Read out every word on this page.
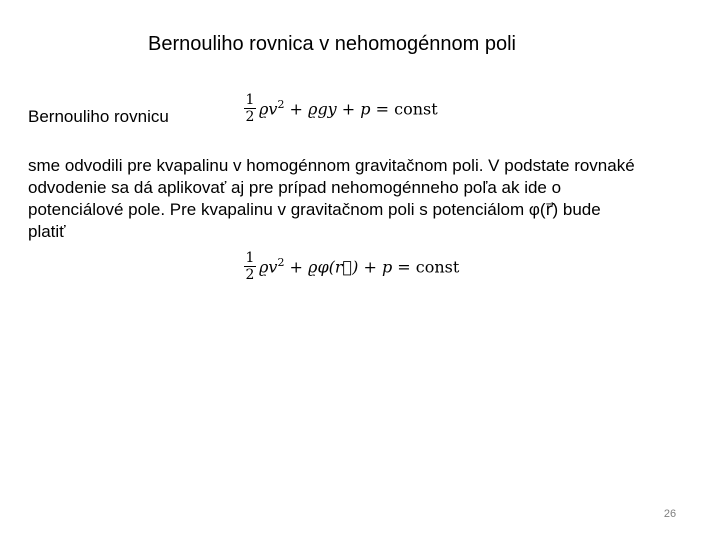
Bernouliho rovnica v nehomogénnom poli
Bernouliho rovnicu	$\frac{1}{2} ϱv^2 + ϱgy + p$ = const
sme odvodili pre kvapalinu v homogénnom gravitačnom poli. V podstate rovnaké
odvodenie sa dá aplikovať aj pre prípad nehomogénneho poľa ak ide o
potenciálové pole. Pre kvapalinu v gravitačnom poli s potenciálom φ(r⃗) bude
platiť
$\frac{1}{2} ϱv^2$ + ϱφ(r⃗) + p = const
26
